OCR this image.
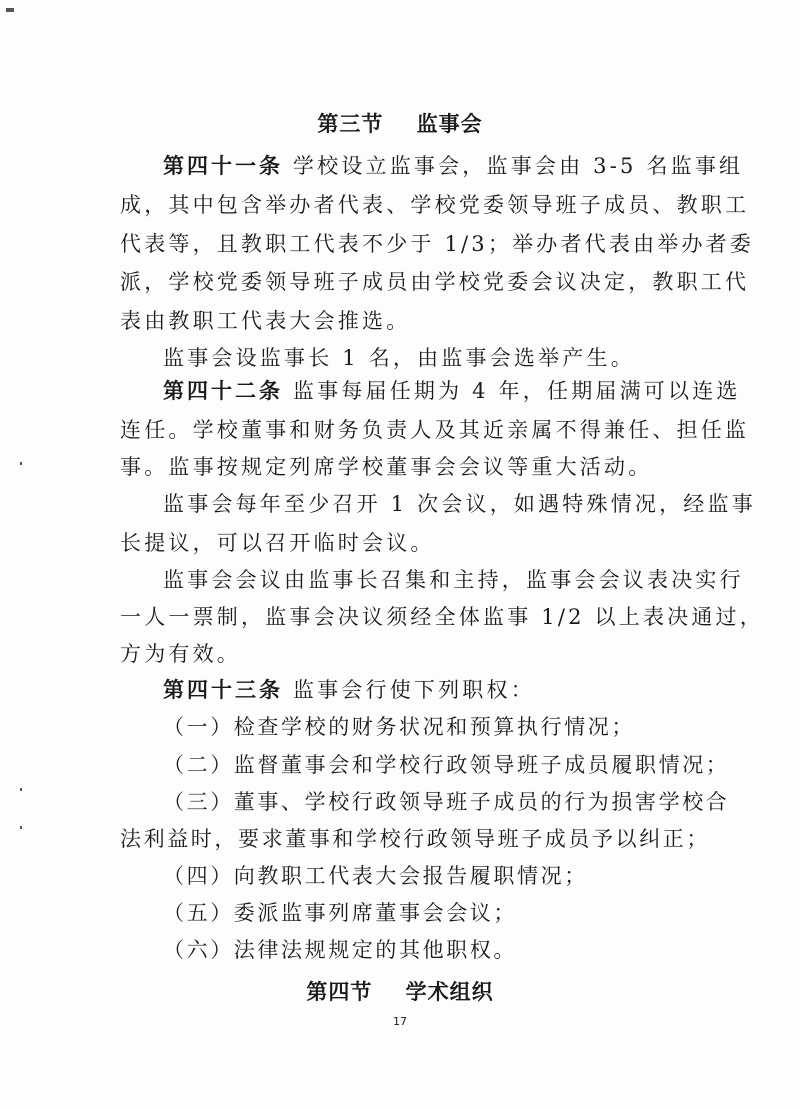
第三节    监事会
第四十一条 学校设立监事会，监事会由 3-5 名监事组
成，其中包含举办者代表、学校党委领导班子成员、教职工
代表等，且教职工代表不少于 1/3；举办者代表由举办者委
派，学校党委领导班子成员由学校党委会议决定，教职工代
表由教职工代表大会推选。
监事会设监事长 1 名，由监事会选举产生。
第四十二条 监事每届任期为 4 年，任期届满可以连选
连任。学校董事和财务负责人及其近亲属不得兼任、担任监
事。监事按规定列席学校董事会会议等重大活动。
监事会每年至少召开 1 次会议，如遇特殊情况，经监事
长提议，可以召开临时会议。
监事会会议由监事长召集和主持，监事会会议表决实行
一人一票制，监事会决议须经全体监事 1/2 以上表决通过，
方为有效。
第四十三条 监事会行使下列职权：
（一）检查学校的财务状况和预算执行情况；
（二）监督董事会和学校行政领导班子成员履职情况；
（三）董事、学校行政领导班子成员的行为损害学校合
法利益时，要求董事和学校行政领导班子成员予以纠正；
（四）向教职工代表大会报告履职情况；
（五）委派监事列席董事会会议；
（六）法律法规规定的其他职权。
第四节    学术组织
17
